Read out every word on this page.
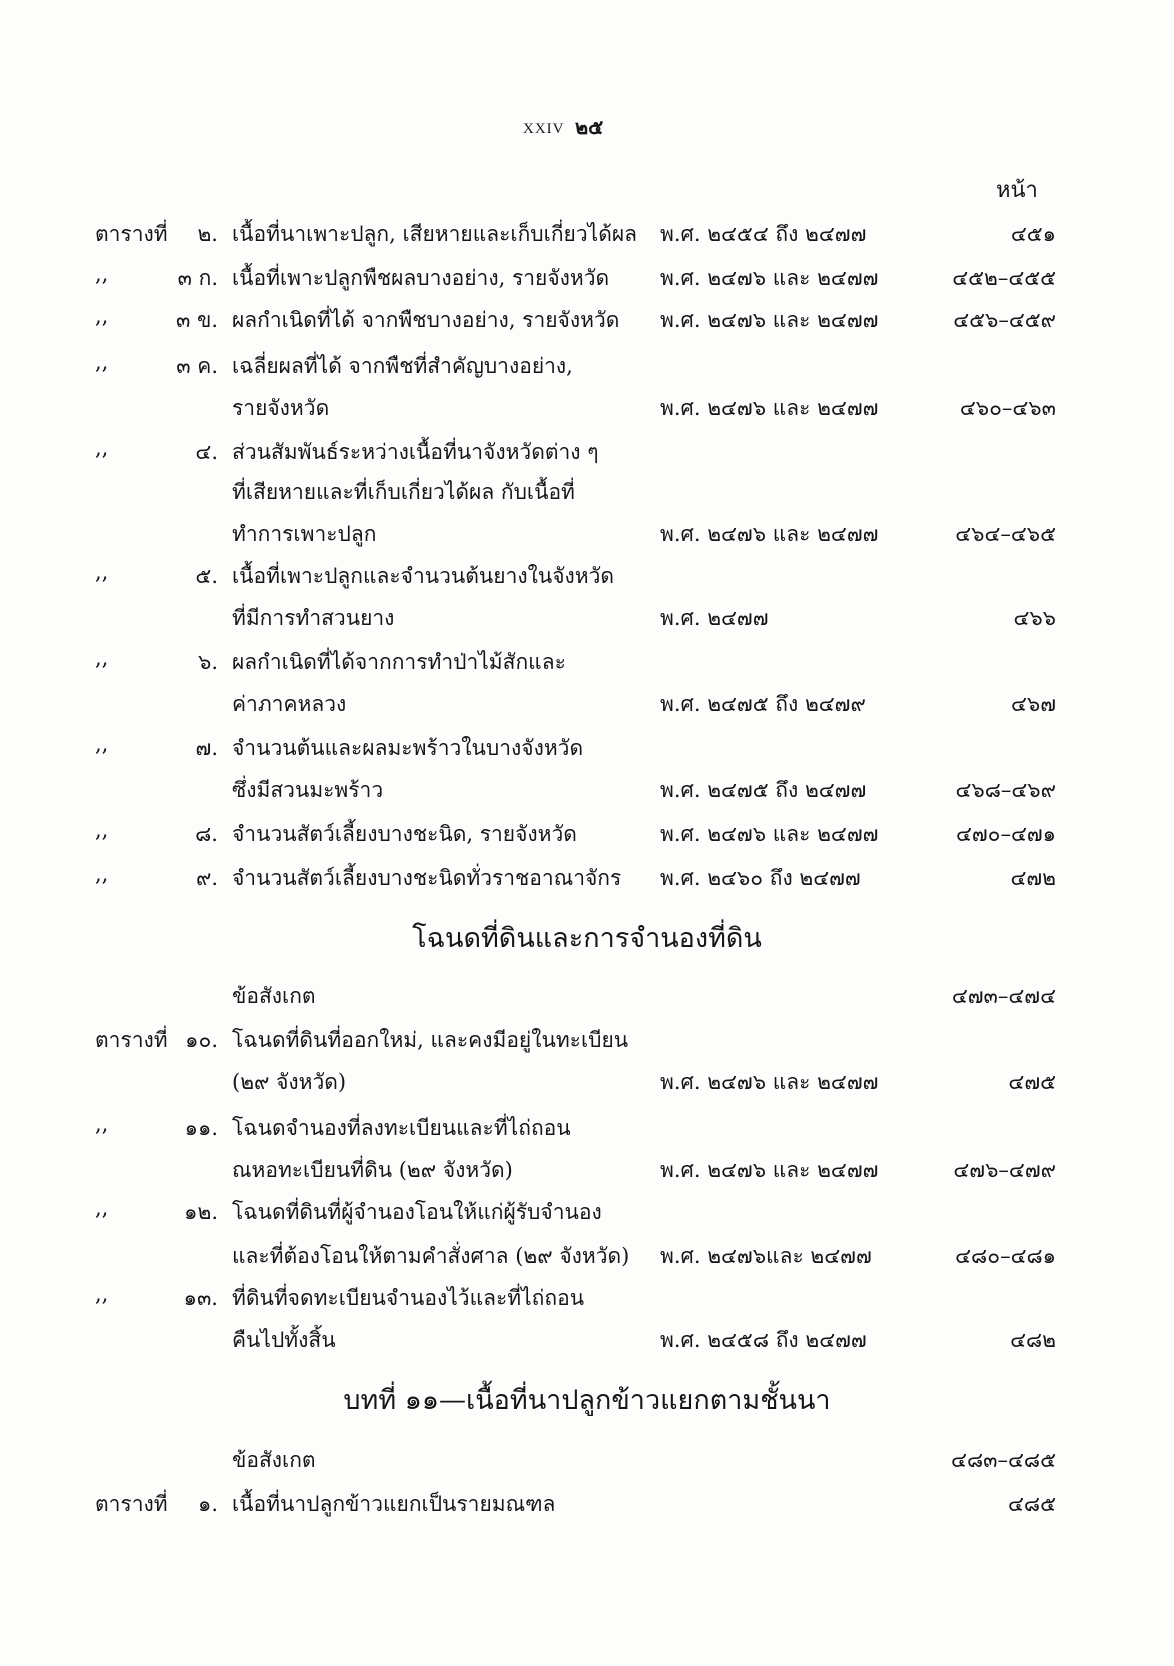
XXIV ๒๕
หน้า
ตารางที่	๒. เนื้อที่นาเพาะปลูก, เสียหายและเก็บเกี่ยวได้ผล พ.ศ. ๒๔๕๔ ถึง ๒๔๗๗	๔๕๑
,,	๓ ก. เนื้อที่เพาะปลูกพืชผลบางอย่าง, รายจังหวัด พ.ศ. ๒๔๗๖ และ ๒๔๗๗	๔๕๒–๔๕๕
,,	๓ ข. ผลกำเนิดที่ได้ จากพืชบางอย่าง, รายจังหวัด พ.ศ. ๒๔๗๖ และ ๒๔๗๗	๔๕๖–๔๕๙
,,	๓ ค. เฉลี่ยผลที่ได้ จากพืชที่สำคัญบางอย่าง,
รายจังหวัด	พ.ศ. ๒๔๗๖ และ ๒๔๗๗	๔๖๐–๔๖๓
,,	๔. ส่วนสัมพันธ์ระหว่างเนื้อที่นาจังหวัดต่าง ๆ
ที่เสียหายและที่เก็บเกี่ยวได้ผล กับเนื้อที่
ทำการเพาะปลูก	พ.ศ. ๒๔๗๖ และ ๒๔๗๗	๔๖๔–๔๖๕
,,	๕. เนื้อที่เพาะปลูกและจำนวนต้นยางในจังหวัด
ที่มีการทำสวนยาง	พ.ศ. ๒๔๗๗	๔๖๖
,,	๖. ผลกำเนิดที่ได้จากการทำป่าไม้สักและ
ค่าภาคหลวง	พ.ศ. ๒๔๗๕ ถึง ๒๔๗๙	๔๖๗
,,	๗. จำนวนต้นและผลมะพร้าวในบางจังหวัด
ซึ่งมีสวนมะพร้าว	พ.ศ. ๒๔๗๕ ถึง ๒๔๗๗	๔๖๘–๔๖๙
,,	๘. จำนวนสัตว์เลี้ยงบางชะนิด, รายจังหวัด	พ.ศ. ๒๔๗๖ และ ๒๔๗๗	๔๗๐–๔๗๑
,,	๙. จำนวนสัตว์เลี้ยงบางชะนิดทั่วราชอาณาจักร พ.ศ. ๒๔๖๐ ถึง ๒๔๗๗	๔๗๒
โฉนดที่ดินและการจำนองที่ดิน
ข้อสังเกต	๔๗๓–๔๗๔
ตารางที่ ๑๐. โฉนดที่ดินที่ออกใหม่, และคงมีอยู่ในทะเบียน
(๒๙ จังหวัด)	พ.ศ. ๒๔๗๖ และ ๒๔๗๗	๔๗๕
,,	๑๑. โฉนดจำนองที่ลงทะเบียนและที่ไถ่ถอน
ณหอทะเบียนที่ดิน (๒๙ จังหวัด)	พ.ศ. ๒๔๗๖ และ ๒๔๗๗	๔๗๖–๔๗๙
,,	๑๒. โฉนดที่ดินที่ผู้จำนองโอนให้แก่ผู้รับจำนอง
และที่ต้องโอนให้ตามคำสั่งศาล (๒๙ จังหวัด) พ.ศ. ๒๔๗๖และ ๒๔๗๗	๔๘๐–๔๘๑
,,	๑๓. ที่ดินที่จดทะเบียนจำนองไว้และที่ไถ่ถอน
คืนไปทั้งสิ้น	พ.ศ. ๒๔๕๘ ถึง ๒๔๗๗	๔๘๒
บทที่ ๑๑—เนื้อที่นาปลูกข้าวแยกตามชั้นนา
ข้อสังเกต	๔๘๓–๔๘๕
ตารางที่	๑. เนื้อที่นาปลูกข้าวแยกเป็นรายมณฑล	๔๘๕
